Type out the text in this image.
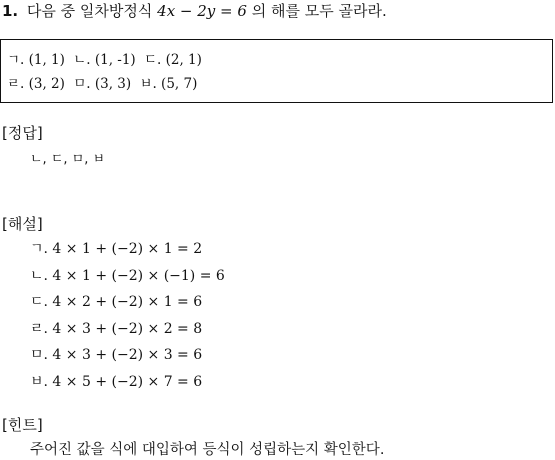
1. 다음 중 일차방정식 4x − 2y = 6 의 해를 모두 골라라.
ㄱ. (1, 1) ㄴ. (1, -1) ㄷ. (2, 1)
ㄹ. (3, 2) ㅁ. (3, 3) ㅂ. (5, 7)
[정답]
ㄴ, ㄷ, ㅁ, ㅂ
[해설]
ㄱ. 4 × 1 + (−2) × 1 = 2
ㄴ. 4 × 1 + (−2) × (−1) = 6
ㄷ. 4 × 2 + (−2) × 1 = 6
ㄹ. 4 × 3 + (−2) × 2 = 8
ㅁ. 4 × 3 + (−2) × 3 = 6
ㅂ. 4 × 5 + (−2) × 7 = 6
[힌트]
주어진 값을 식에 대입하여 등식이 성립하는지 확인한다.
